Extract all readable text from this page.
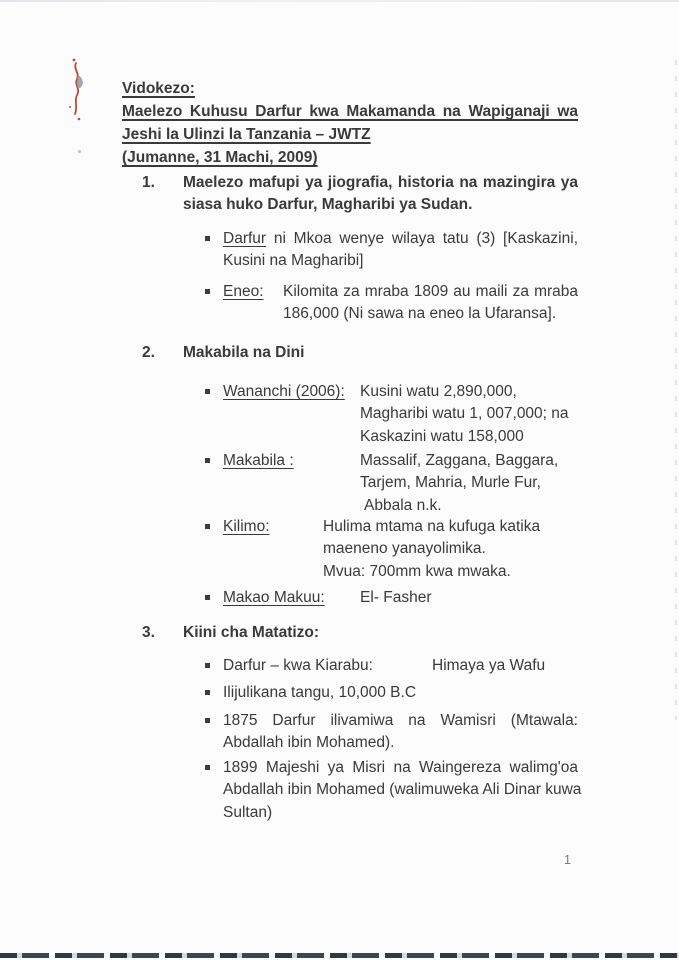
Vidokezo:
Maelezo Kuhusu Darfur kwa Makamanda na Wapiganaji wa
Jeshi la Ulinzi la Tanzania – JWTZ
(Jumanne, 31 Machi, 2009)
1.	Maelezo mafupi ya jiografia, historia na mazingira ya
siasa huko Darfur, Magharibi ya Sudan.
Darfur ni Mkoa wenye wilaya tatu (3) [Kaskazini,
Kusini na Magharibi]
Eneo:	Kilomita za mraba 1809 au maili za mraba
186,000 (Ni sawa na eneo la Ufaransa].
2.	Makabila na Dini
Wananchi (2006): Kusini watu 2,890,000,
Magharibi watu 1, 007,000; na
Kaskazini watu 158,000
Makabila :	Massalif, Zaggana, Baggara,
Tarjem, Mahria, Murle Fur,
Abbala n.k.
Kilimo:	Hulima mtama na kufuga katika
maeneno yanayolimika.
Mvua: 700mm kwa mwaka.
Makao Makuu:	El- Fasher
3.	Kiini cha Matatizo:
Darfur – kwa Kiarabu:	Himaya ya Wafu
Ilijulikana tangu, 10,000 B.C
1875 Darfur ilivamiwa na Wamisri (Mtawala:
Abdallah ibin Mohamed).
1899 Majeshi ya Misri na Waingereza walimg'oa
Abdallah ibin Mohamed (walimuweka Ali Dinar kuwa
Sultan)
1
